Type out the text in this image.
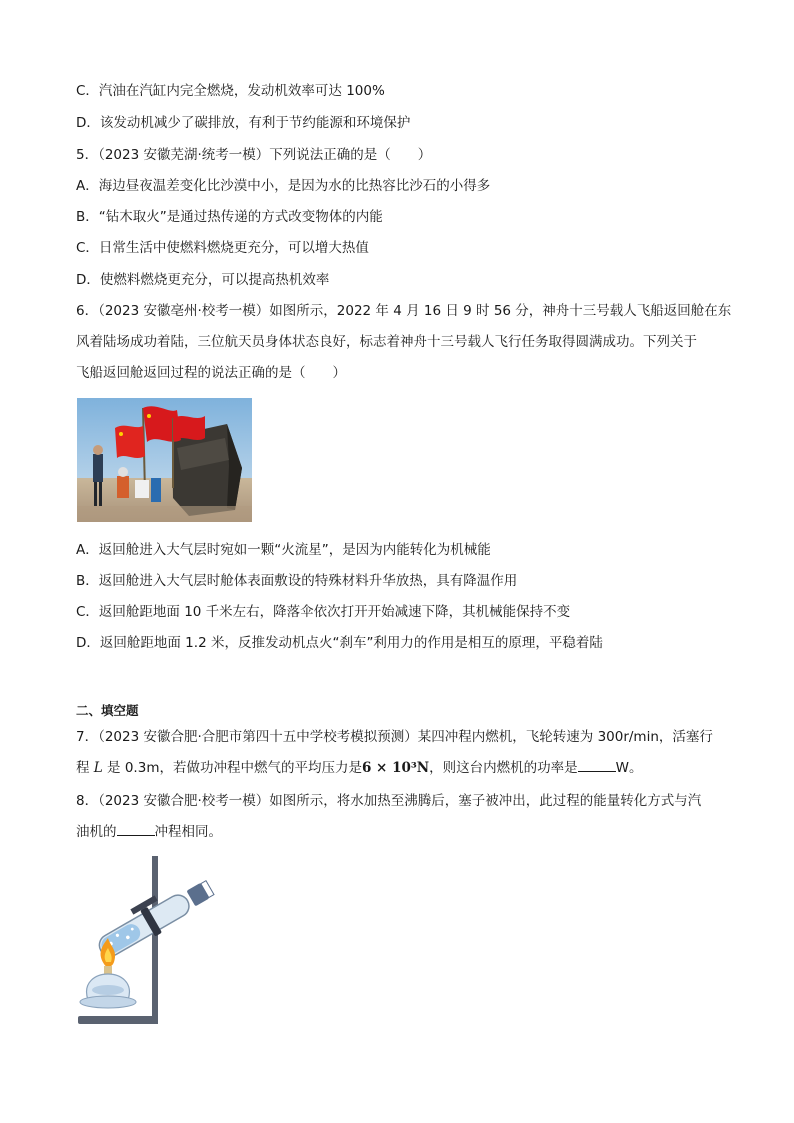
C．汽油在汽缸内完全燃烧，发动机效率可达 100%
D．该发动机减少了碳排放，有利于节约能源和环境保护
5．（2023 安徽芜湖·统考一模）下列说法正确的是（　　）
A．海边昼夜温差变化比沙漠中小，是因为水的比热容比沙石的小得多
B．“钻木取火”是通过热传递的方式改变物体的内能
C．日常生活中使燃料燃烧更充分，可以增大热值
D．使燃料燃烧更充分，可以提高热机效率
6．（2023 安徽亳州·校考一模）如图所示，2022 年 4 月 16 日 9 时 56 分，神舟十三号载人飞船返回舱在东
风着陆场成功着陆，三位航天员身体状态良好，标志着神舟十三号载人飞行任务取得圆满成功。下列关于
飞船返回舱返回过程的说法正确的是（　　）
A．返回舱进入大气层时宛如一颗“火流星”，是因为内能转化为机械能
B．返回舱进入大气层时舱体表面敷设的特殊材料升华放热，具有降温作用
C．返回舱距地面 10 千米左右，降落伞依次打开开始减速下降，其机械能保持不变
D．返回舱距地面 1.2 米，反推发动机点火“刹车”利用力的作用是相互的原理，平稳着陆
二、填空题
7．（2023 安徽合肥·合肥市第四十五中学校考模拟预测）某四冲程内燃机，飞轮转速为 300r/min，活塞行
程 L 是 0.3m，若做功冲程中燃气的平均压力是6 × 10³N，则这台内燃机的功率是	W。
8．（2023 安徽合肥·校考一模）如图所示，将水加热至沸腾后，塞子被冲出，此过程的能量转化方式与汽
油机的	冲程相同。
